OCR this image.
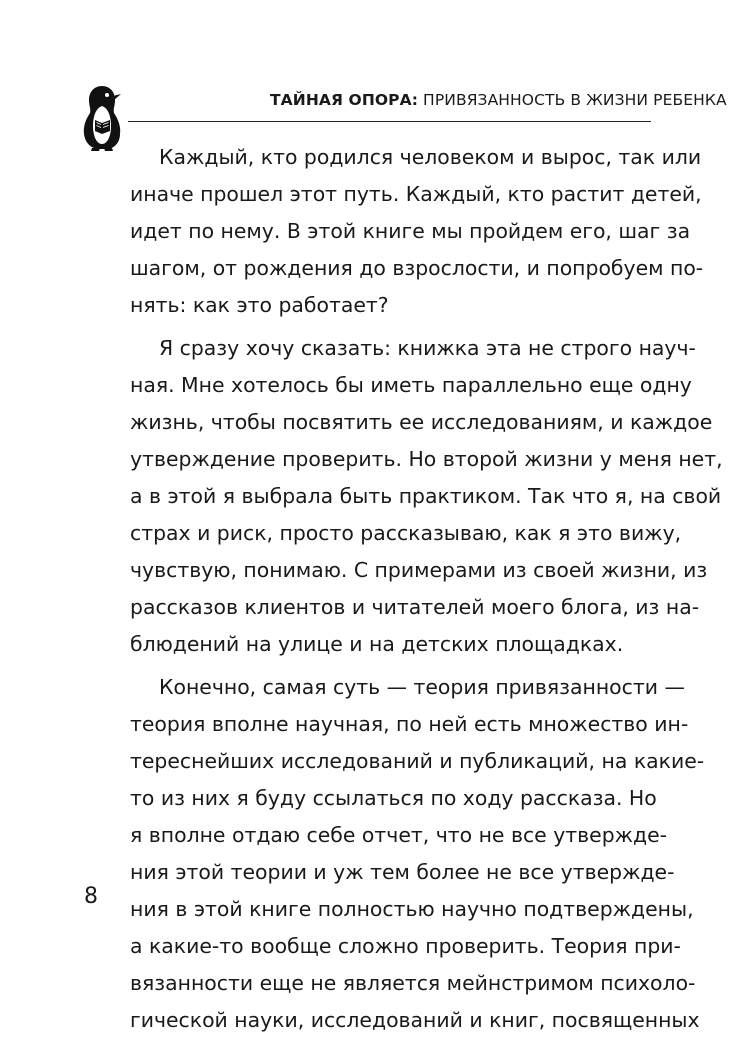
ТАЙНАЯ ОПОРА: ПРИВЯЗАННОСТЬ В ЖИЗНИ РЕБЕНКА
Каждый, кто родился человеком и вырос, так или
иначе прошел этот путь. Каждый, кто растит детей,
идет по нему. В этой книге мы пройдем его, шаг за
шагом, от рождения до взрослости, и попробуем по-
нять: как это работает?
Я сразу хочу сказать: книжка эта не строго науч-
ная. Мне хотелось бы иметь параллельно еще одну
жизнь, чтобы посвятить ее исследованиям, и каждое
утверждение проверить. Но второй жизни у меня нет,
а в этой я выбрала быть практиком. Так что я, на свой
страх и риск, просто рассказываю, как я это вижу,
чувствую, понимаю. С примерами из своей жизни, из
рассказов клиентов и читателей моего блога, из на-
блюдений на улице и на детских площадках.
Конечно, самая суть — теория привязанности —
теория вполне научная, по ней есть множество ин-
тереснейших исследований и публикаций, на какие-
то из них я буду ссылаться по ходу рассказа. Но
я вполне отдаю себе отчет, что не все утвержде-
ния этой теории и уж тем более не все утвержде-
ния в этой книге полностью научно подтверждены,
а какие-то вообще сложно проверить. Теория при-
вязанности еще не является мейнстримом психоло-
гической науки, исследований и книг, посвященных
8
